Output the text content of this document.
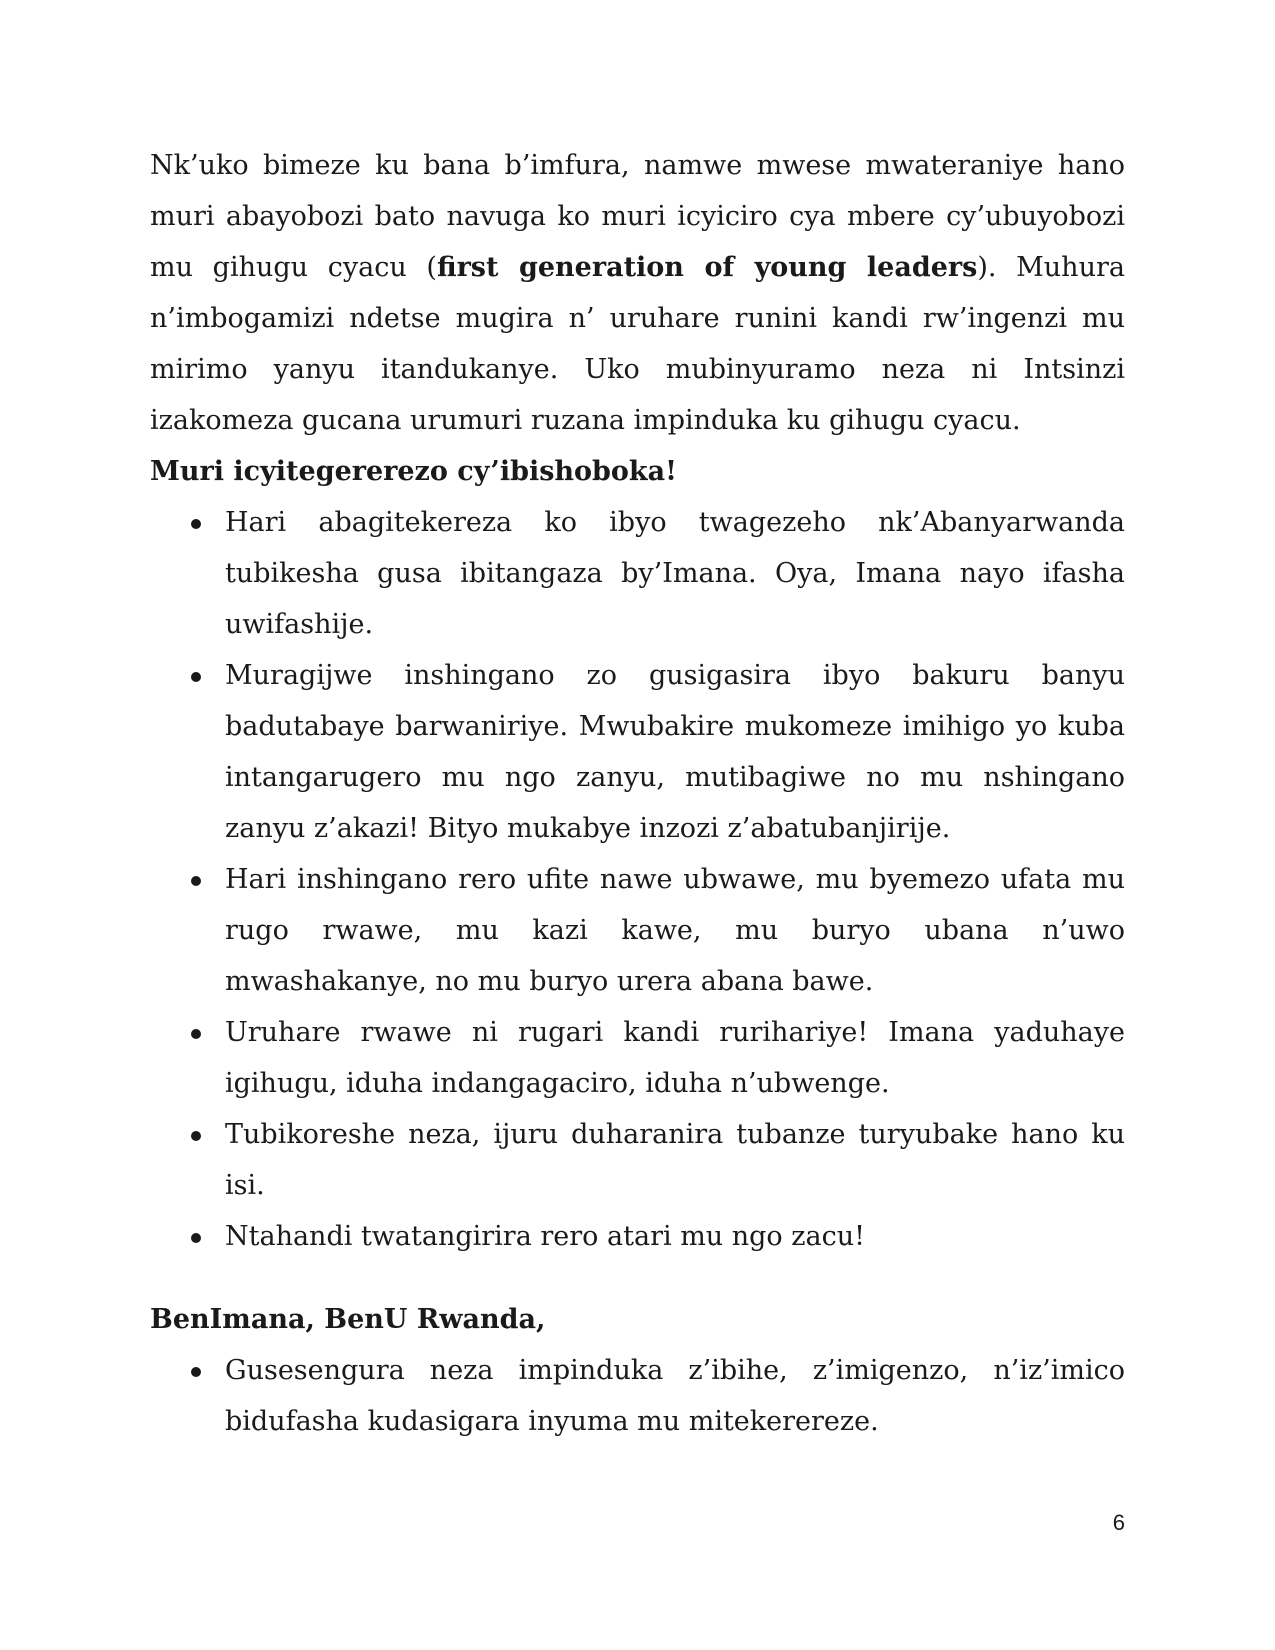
Nk’uko bimeze ku bana b’imfura, namwe mwese mwateraniye hano muri abayobozi bato navuga ko muri icyiciro cya mbere cy’ubuyobozi mu gihugu cyacu (first generation of young leaders). Muhura n’imbogamizi ndetse mugira n’ uruhare runini kandi rw’ingenzi mu mirimo yanyu itandukanye. Uko mubinyuramo neza ni Intsinzi izakomeza gucana urumuri ruzana impinduka ku gihugu cyacu.
Muri icyitegererezo cy’ibishoboka!

Hari abagitekereza ko ibyo twagezeho nk’Abanyarwanda tubikesha gusa ibitangaza by’Imana. Oya, Imana nayo ifasha uwifashije.
Muragijwe inshingano zo gusigasira ibyo bakuru banyu badutabaye barwaniriye. Mwubakire mukomeze imihigo yo kuba intangarugero mu ngo zanyu, mutibagiwe no mu nshingano zanyu z’akazi! Bityo mukabye inzozi z’abatubanjirije.
Hari inshingano rero ufite nawe ubwawe, mu byemezo ufata mu rugo rwawe, mu kazi kawe, mu buryo ubana n’uwo mwashakanye, no mu buryo urera abana bawe.
Uruhare rwawe ni rugari kandi rurihariye! Imana yaduhaye igihugu, iduha indangagaciro, iduha n’ubwenge.
Tubikoreshe neza, ijuru duharanira tubanze turyubake hano ku isi.
Ntahandi twatangirira rero atari mu ngo zacu!

BenImana, BenU Rwanda,

Gusesengura neza impinduka z’ibihe, z’imigenzo, n’iz’imico bidufasha kudasigara inyuma mu mitekerereze.
6
